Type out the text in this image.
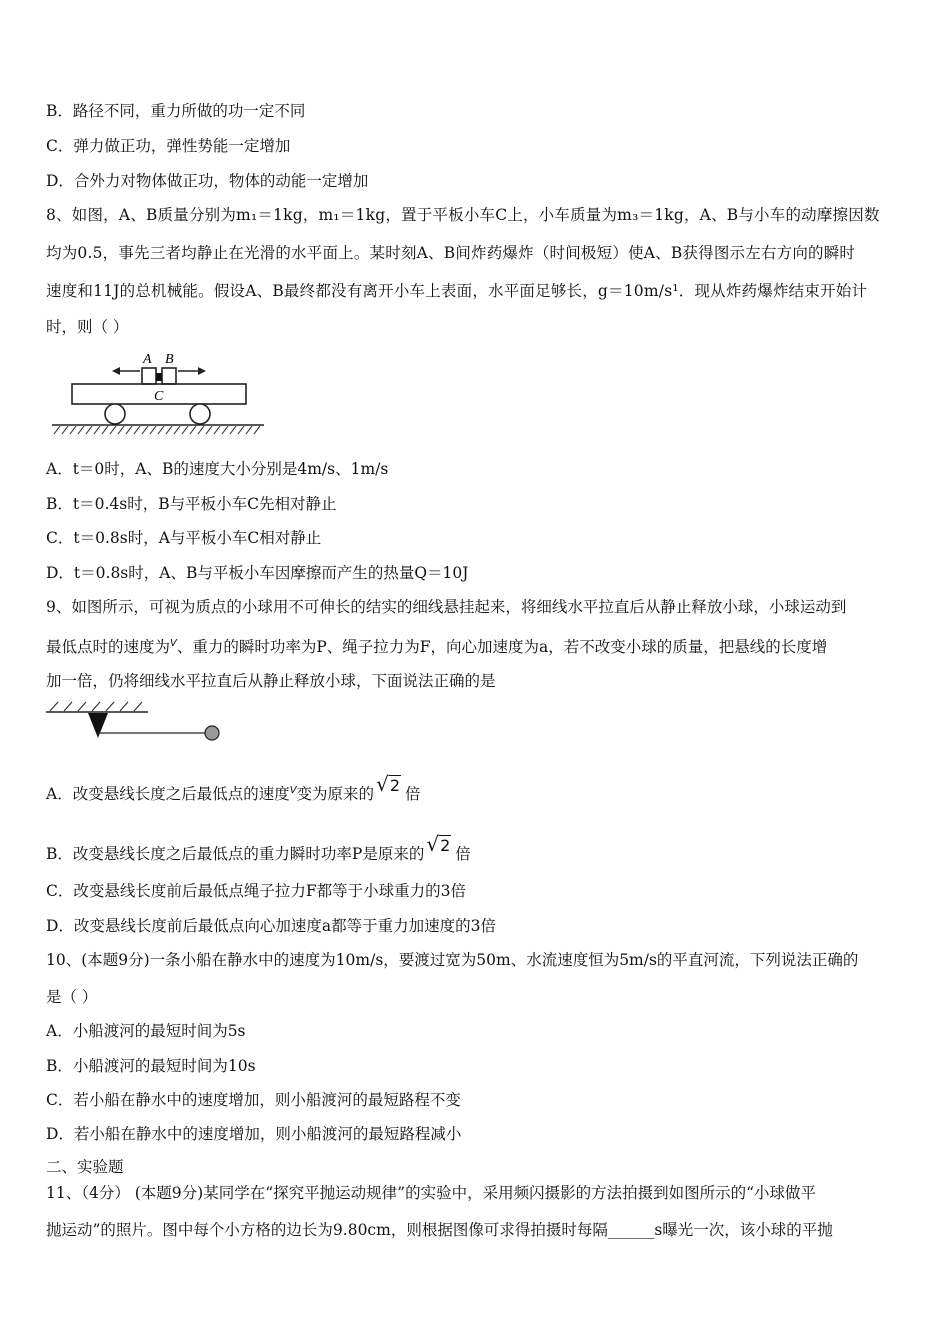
B．路径不同，重力所做的功一定不同
C．弹力做正功，弹性势能一定增加
D．合外力对物体做正功，物体的动能一定增加
8、如图，A、B质量分别为m₁＝1kg，m₁＝1kg，置于平板小车C上，小车质量为m₃＝1kg，A、B与小车的动摩擦因数
均为0.5，事先三者均静止在光滑的水平面上。某时刻A、B间炸药爆炸（时间极短）使A、B获得图示左右方向的瞬时
速度和11J的总机械能。假设A、B最终都没有离开小车上表面，水平面足够长，g＝10m/s¹．现从炸药爆炸结束开始计
时，则（ ）
A B
C
A．t＝0时，A、B的速度大小分别是4m/s、1m/s
B．t＝0.4s时，B与平板小车C先相对静止
C．t＝0.8s时，A与平板小车C相对静止
D．t＝0.8s时，A、B与平板小车因摩擦而产生的热量Q＝10J
9、如图所示，可视为质点的小球用不可伸长的结实的细线悬挂起来，将细线水平拉直后从静止释放小球，小球运动到
最低点时的速度为$^V$、重力的瞬时功率为P、绳子拉力为F，向心加速度为a，若不改变小球的质量，把悬线的长度增
加一倍，仍将细线水平拉直后从静止释放小球，下面说法正确的是
A．改变悬线长度之后最低点的速度$^V$变为原来的 √2 倍
B．改变悬线长度之后最低点的重力瞬时功率P是原来的 √2 倍
C．改变悬线长度前后最低点绳子拉力F都等于小球重力的3倍
D．改变悬线长度前后最低点向心加速度a都等于重力加速度的3倍
10、(本题9分)一条小船在静水中的速度为10m/s，要渡过宽为50m、水流速度恒为5m/s的平直河流，下列说法正确的
是（ ）
A．小船渡河的最短时间为5s
B．小船渡河的最短时间为10s
C．若小船在静水中的速度增加，则小船渡河的最短路程不变
D．若小船在静水中的速度增加，则小船渡河的最短路程减小
二、实验题
11、（4分） (本题9分)某同学在“探究平抛运动规律”的实验中，采用频闪摄影的方法拍摄到如图所示的“小球做平
抛运动”的照片。图中每个小方格的边长为9.80cm，则根据图像可求得拍摄时每隔______s曝光一次，该小球的平抛
